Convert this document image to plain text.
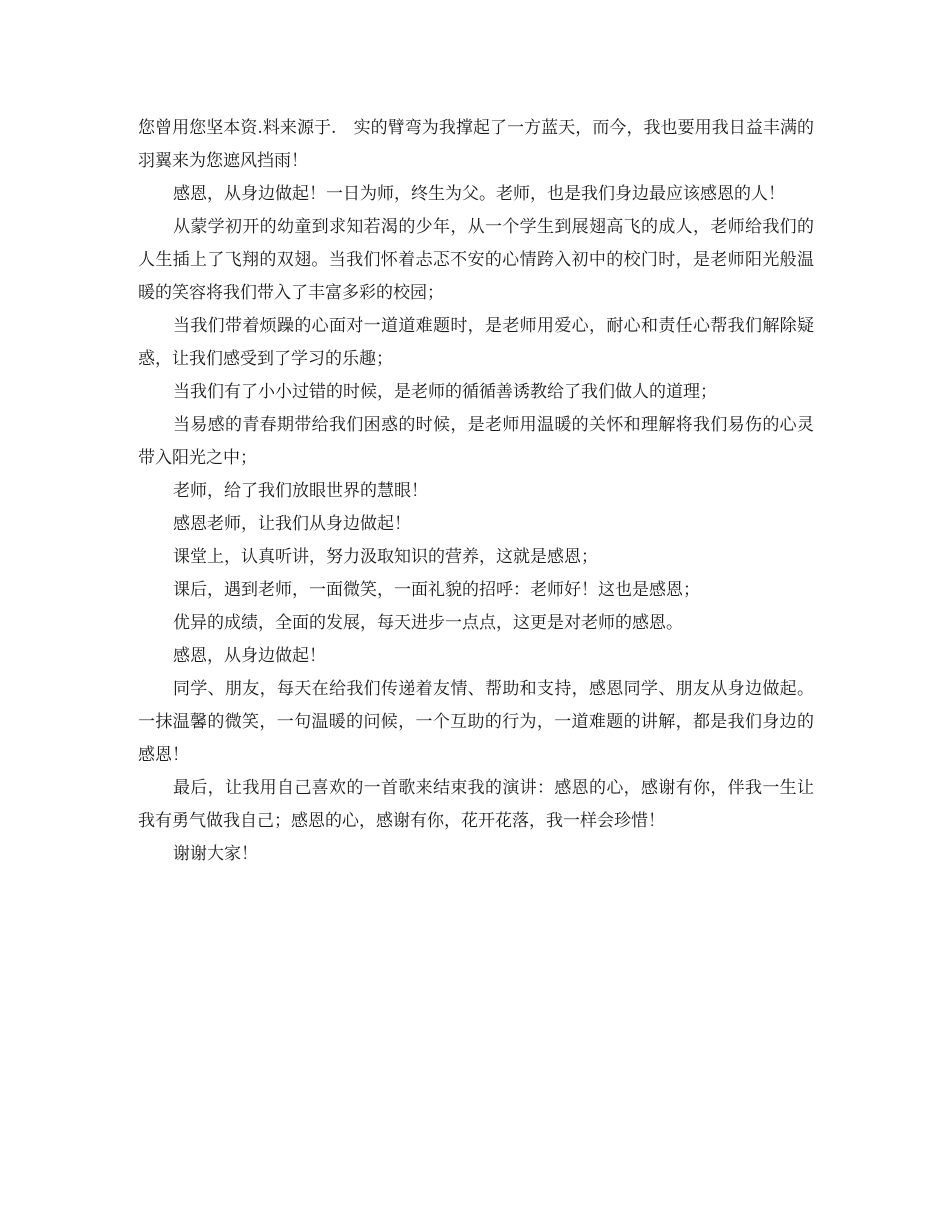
您曾用您坚本资.料来源于.　实的臂弯为我撑起了一方蓝天，而今，我也要用我日益丰满的羽翼来为您遮风挡雨！

感恩，从身边做起！一日为师，终生为父。老师，也是我们身边最应该感恩的人！

从蒙学初开的幼童到求知若渴的少年，从一个学生到展翅高飞的成人，老师给我们的人生插上了飞翔的双翅。当我们怀着忐忑不安的心情跨入初中的校门时，是老师阳光般温暖的笑容将我们带入了丰富多彩的校园；

当我们带着烦躁的心面对一道道难题时，是老师用爱心，耐心和责任心帮我们解除疑惑，让我们感受到了学习的乐趣；

当我们有了小小过错的时候，是老师的循循善诱教给了我们做人的道理；

当易感的青春期带给我们困惑的时候，是老师用温暖的关怀和理解将我们易伤的心灵带入阳光之中；

老师，给了我们放眼世界的慧眼！

感恩老师，让我们从身边做起！

课堂上，认真听讲，努力汲取知识的营养，这就是感恩；

课后，遇到老师，一面微笑，一面礼貌的招呼：老师好！这也是感恩；

优异的成绩，全面的发展，每天进步一点点，这更是对老师的感恩。

感恩，从身边做起！

同学、朋友，每天在给我们传递着友情、帮助和支持，感恩同学、朋友从身边做起。一抹温馨的微笑，一句温暖的问候，一个互助的行为，一道难题的讲解，都是我们身边的感恩！

最后，让我用自己喜欢的一首歌来结束我的演讲：感恩的心，感谢有你，伴我一生让我有勇气做我自己；感恩的心，感谢有你，花开花落，我一样会珍惜！

谢谢大家！
